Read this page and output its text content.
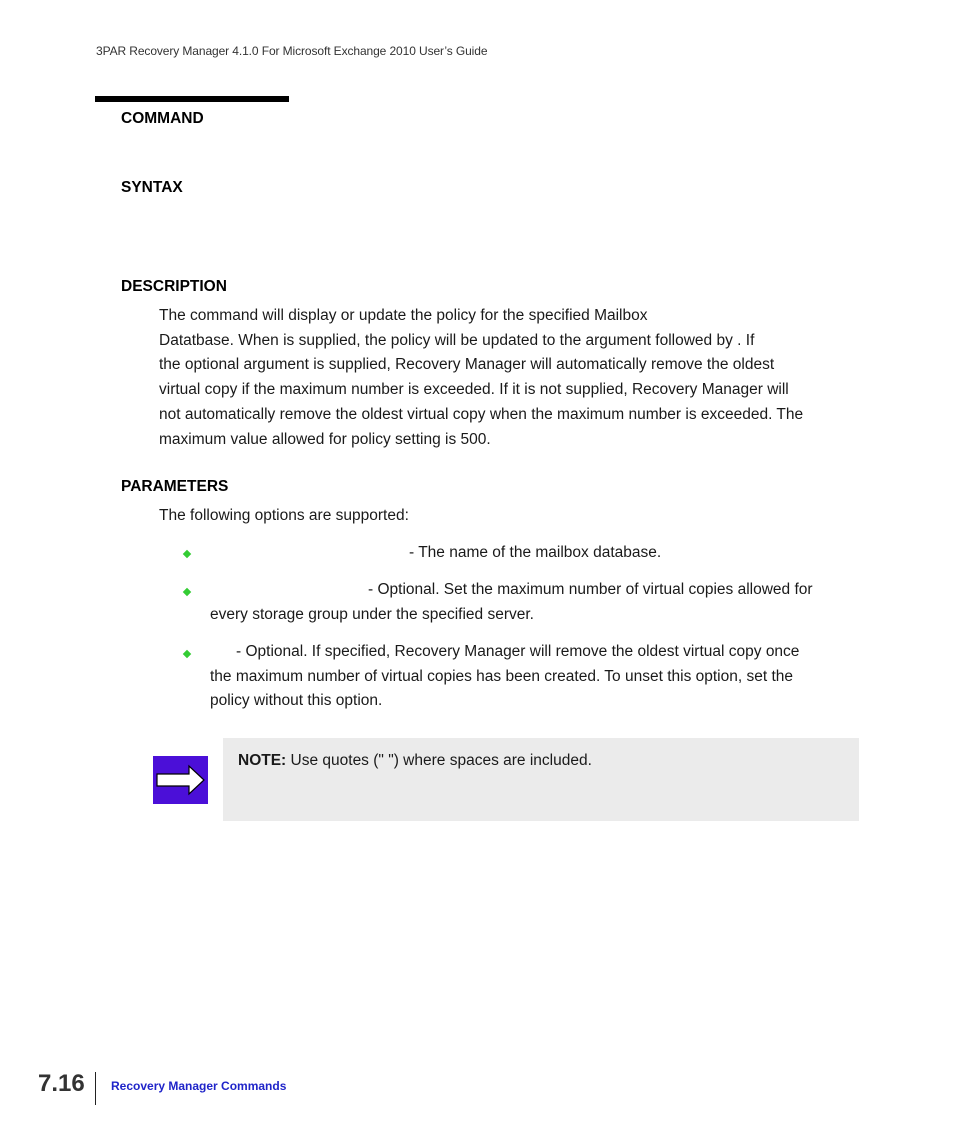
3PAR Recovery Manager 4.1.0 For Microsoft Exchange 2010 User’s Guide
COMMAND
SYNTAX
DESCRIPTION
The command will display or update the policy for the specified Mailbox
Datatbase. When is supplied, the policy will be updated to the argument followed by . If
the optional argument is supplied, Recovery Manager will automatically remove the oldest
virtual copy if the maximum number is exceeded. If it is not supplied, Recovery Manager will
not automatically remove the oldest virtual copy when the maximum number is exceeded. The
maximum value allowed for policy setting is 500.
PARAMETERS
The following options are supported:
- The name of the mailbox database.
- Optional. Set the maximum number of virtual copies allowed for
every storage group under the specified server.
- Optional. If specified, Recovery Manager will remove the oldest virtual copy once
the maximum number of virtual copies has been created. To unset this option, set the
policy without this option.
NOTE: Use quotes (" ") where spaces are included.
7.16 Recovery Manager Commands
